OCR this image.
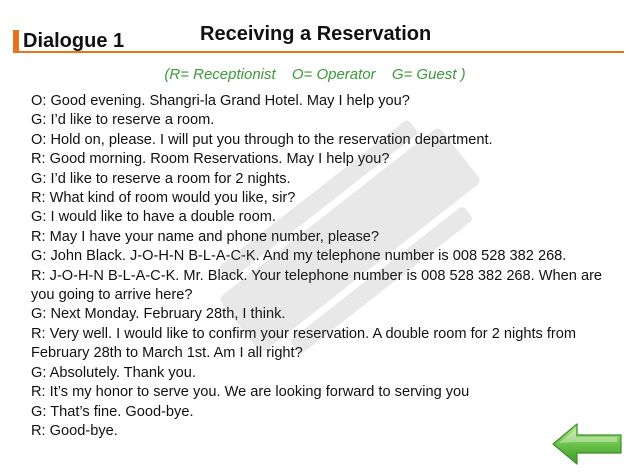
Dialogue 1	Receiving a Reservation
(R= Receptionist O= Operator G= Guest )
O: Good evening. Shangri-la Grand Hotel. May I help you?
G: I’d like to reserve a room.
O: Hold on, please. I will put you through to the reservation department.
R: Good morning. Room Reservations. May I help you?
G: I’d like to reserve a room for 2 nights.
R: What kind of room would you like, sir?
G: I would like to have a double room.
R: May I have your name and phone number, please?
G: John Black. J-O-H-N B-L-A-C-K. And my telephone number is 008 528 382 268.
R: J-O-H-N B-L-A-C-K. Mr. Black. Your telephone number is 008 528 382 268. When are you going to arrive here?
G: Next Monday. February 28th, I think.
R: Very well. I would like to confirm your reservation. A double room for 2 nights from February 28th to March 1st. Am I all right?
G: Absolutely. Thank you.
R: It’s my honor to serve you. We are looking forward to serving you
G: That’s fine. Good-bye.
R: Good-bye.
